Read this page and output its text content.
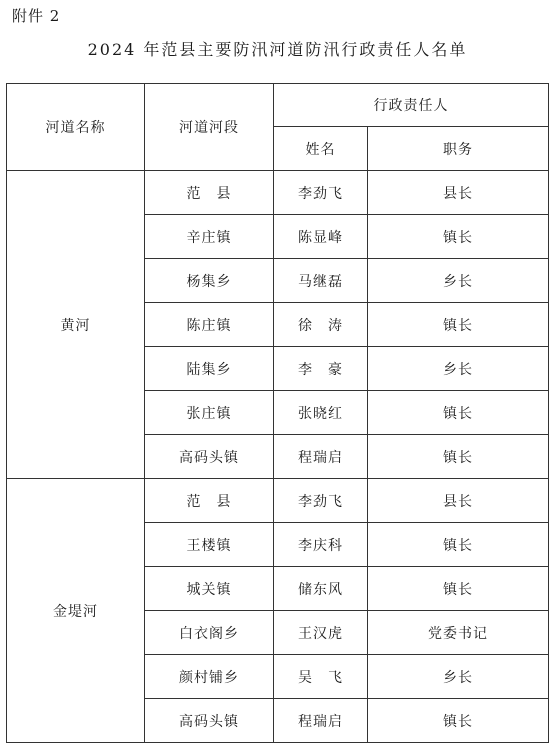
附件 2
2024 年范县主要防汛河道防汛行政责任人名单
河道名称	河道河段	行政责任人	
		姓名	职务
黄河	范　县	李劲飞	县长
	辛庄镇	陈显峰	镇长
	杨集乡	马继磊	乡长
	陈庄镇	徐　涛	镇长
	陆集乡	李　豪	乡长
	张庄镇	张晓红	镇长
	高码头镇	程瑞启	镇长
金堤河	范　县	李劲飞	县长
	王楼镇	李庆科	镇长
	城关镇	储东风	镇长
	白衣阁乡	王汉虎	党委书记
	颜村铺乡	吴　飞	乡长
	高码头镇	程瑞启	镇长
